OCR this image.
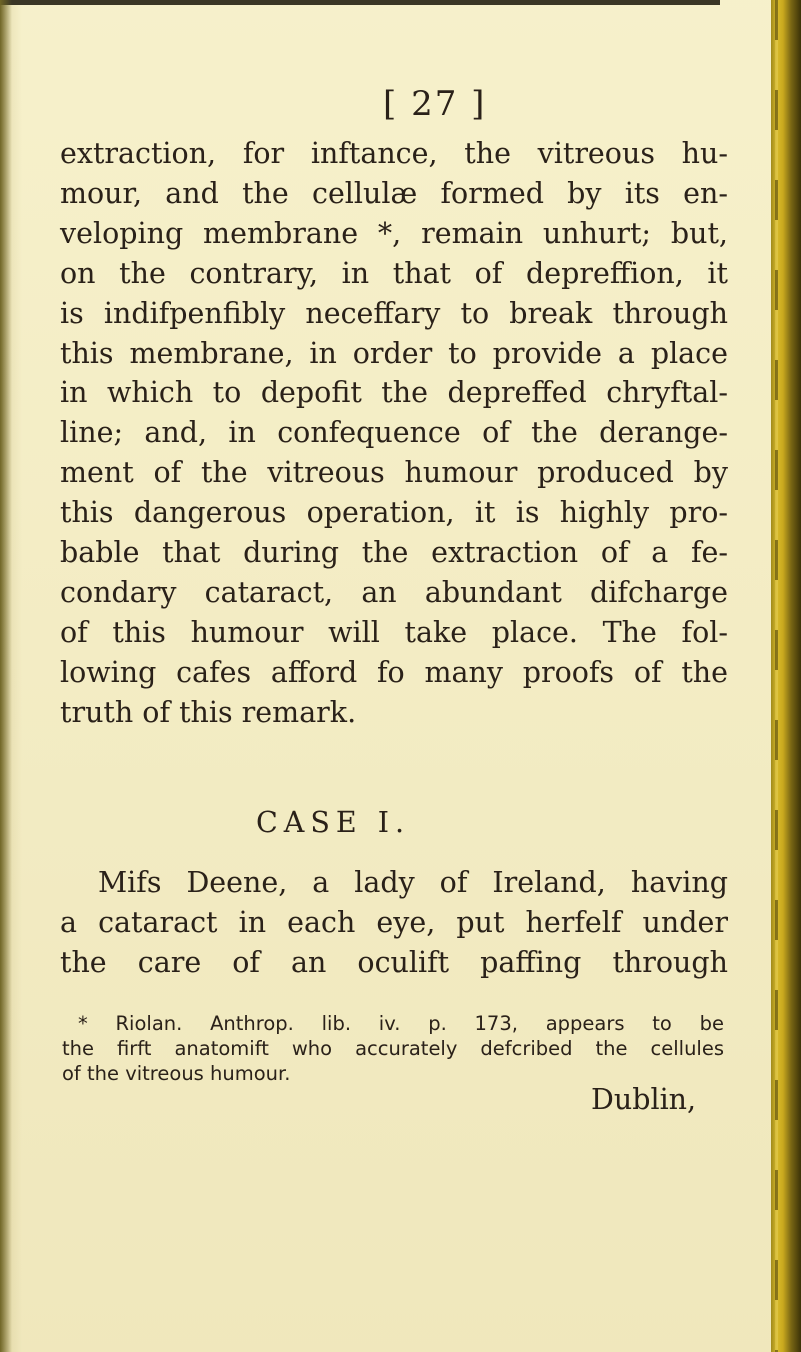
[ 27 ]
extraction, for inftance, the vitreous hu-
mour, and the cellulæ formed by its en-
veloping membrane *, remain unhurt; but,
on the contrary, in that of depreffion, it
is indifpenfibly neceffary to break through
this membrane, in order to provide a place
in which to depofit the depreffed chryftal-
line; and, in confequence of the derange-
ment of the vitreous humour produced by
this dangerous operation, it is highly pro-
bable that during the extraction of a fe-
condary cataract, an abundant difcharge
of this humour will take place. The fol-
lowing cafes afford fo many proofs of the
truth of this remark.
CASE I.
Mifs Deene, a lady of Ireland, having
a cataract in each eye, put herfelf under
the care of an oculift paffing through
* Riolan. Anthrop. lib. iv. p. 173, appears to be
the firft anatomift who accurately defcribed the cellules
of the vitreous humour.
Dublin,
